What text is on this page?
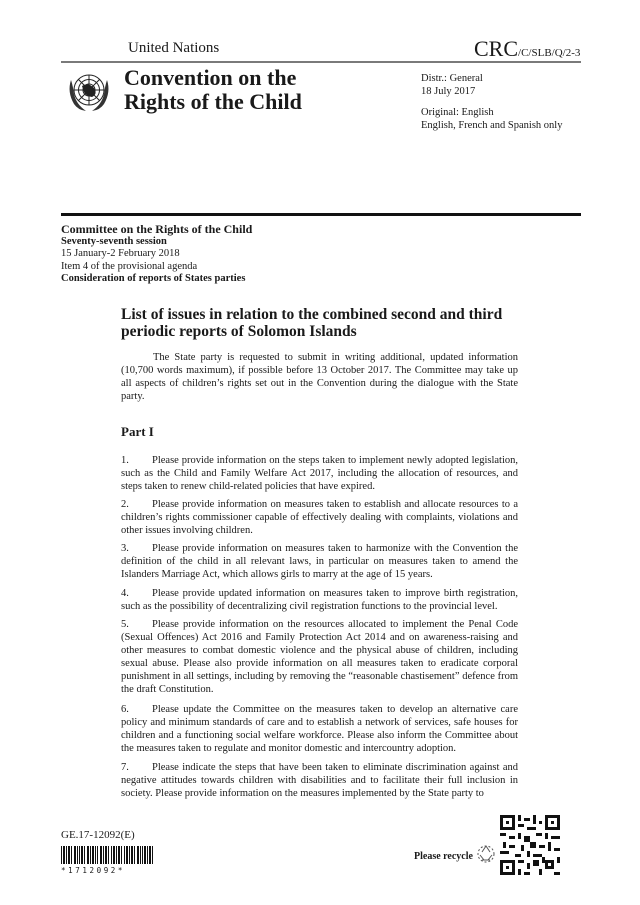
United Nations	CRC/C/SLB/Q/2-3
Convention on the
Rights of the Child

Distr.: General

18 July 2017

Original: English

English, French and Spanish only

Committee on the Rights of the Child
Seventy-seventh session
15 January-2 February 2018
Item 4 of the provisional agenda
Consideration of reports of States parties
List of issues in relation to the combined second and third periodic reports of Solomon Islands
The State party is requested to submit in writing additional, updated information (10,700 words maximum), if possible before 13 October 2017. The Committee may take up all aspects of children’s rights set out in the Convention during the dialogue with the State party.
Part I

1. Please provide information on the steps taken to implement newly adopted legislation, such as the Child and Family Welfare Act 2017, including the allocation of resources, and steps taken to renew child-related policies that have expired.

2. Please provide information on measures taken to establish and allocate resources to a children’s rights commissioner capable of effectively dealing with complaints, violations and other issues involving children.

3. Please provide information on measures taken to harmonize with the Convention the definition of the child in all relevant laws, in particular on measures taken to amend the Islanders Marriage Act, which allows girls to marry at the age of 15 years.

4. Please provide updated information on measures taken to improve birth registration, such as the possibility of decentralizing civil registration functions to the provincial level.

5. Please provide information on the resources allocated to implement the Penal Code (Sexual Offences) Act 2016 and Family Protection Act 2014 and on awareness-raising and other measures to combat domestic violence and the physical abuse of children, including sexual abuse. Please also provide information on all measures taken to eradicate corporal punishment in all settings, including by removing the “reasonable chastisement” defence from the draft Constitution.

6. Please update the Committee on the measures taken to develop an alternative care policy and minimum standards of care and to establish a network of services, safe houses for children and a functioning social welfare workforce. Please also inform the Committee about the measures taken to regulate and monitor domestic and intercountry adoption.

7. Please indicate the steps that have been taken to eliminate discrimination against and negative attitudes towards children with disabilities and to facilitate their full inclusion in society. Please provide information on the measures implemented by the State party to

GE.17-12092(E)
*1712092*
Please recycle
